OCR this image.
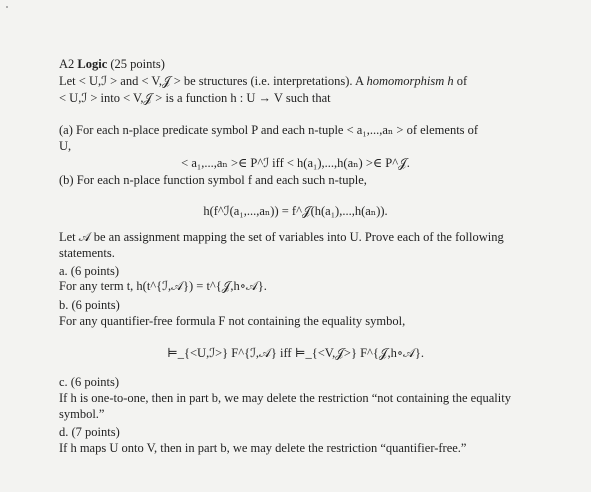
A2 Logic (25 points)
Let < U,ℐ > and < V,𝒥 > be structures (i.e. interpretations). A homomorphism h of
< U,ℐ > into < V,𝒥 > is a function h : U → V such that
(a) For each n-place predicate symbol P and each n-tuple < a₁,...,aₙ > of elements of
U,
< a₁,...,aₙ >∈ P^ℐ iff < h(a₁),...,h(aₙ) >∈ P^𝒥.
(b) For each n-place function symbol f and each such n-tuple,
h(f^ℐ(a₁,...,aₙ)) = f^𝒥(h(a₁),...,h(aₙ)).
Let 𝒜 be an assignment mapping the set of variables into U. Prove each of the following
statements.
a. (6 points)
For any term t, h(t^{ℐ,𝒜}) = t^{𝒥,h∘𝒜}.
b. (6 points)
For any quantifier-free formula F not containing the equality symbol,
⊨_{<U,ℐ>} F^{ℐ,𝒜} iff ⊨_{<V,𝒥>} F^{𝒥,h∘𝒜}.
c. (6 points)
If h is one-to-one, then in part b, we may delete the restriction “not containing the equality
symbol.”
d. (7 points)
If h maps U onto V, then in part b, we may delete the restriction “quantifier-free.”
